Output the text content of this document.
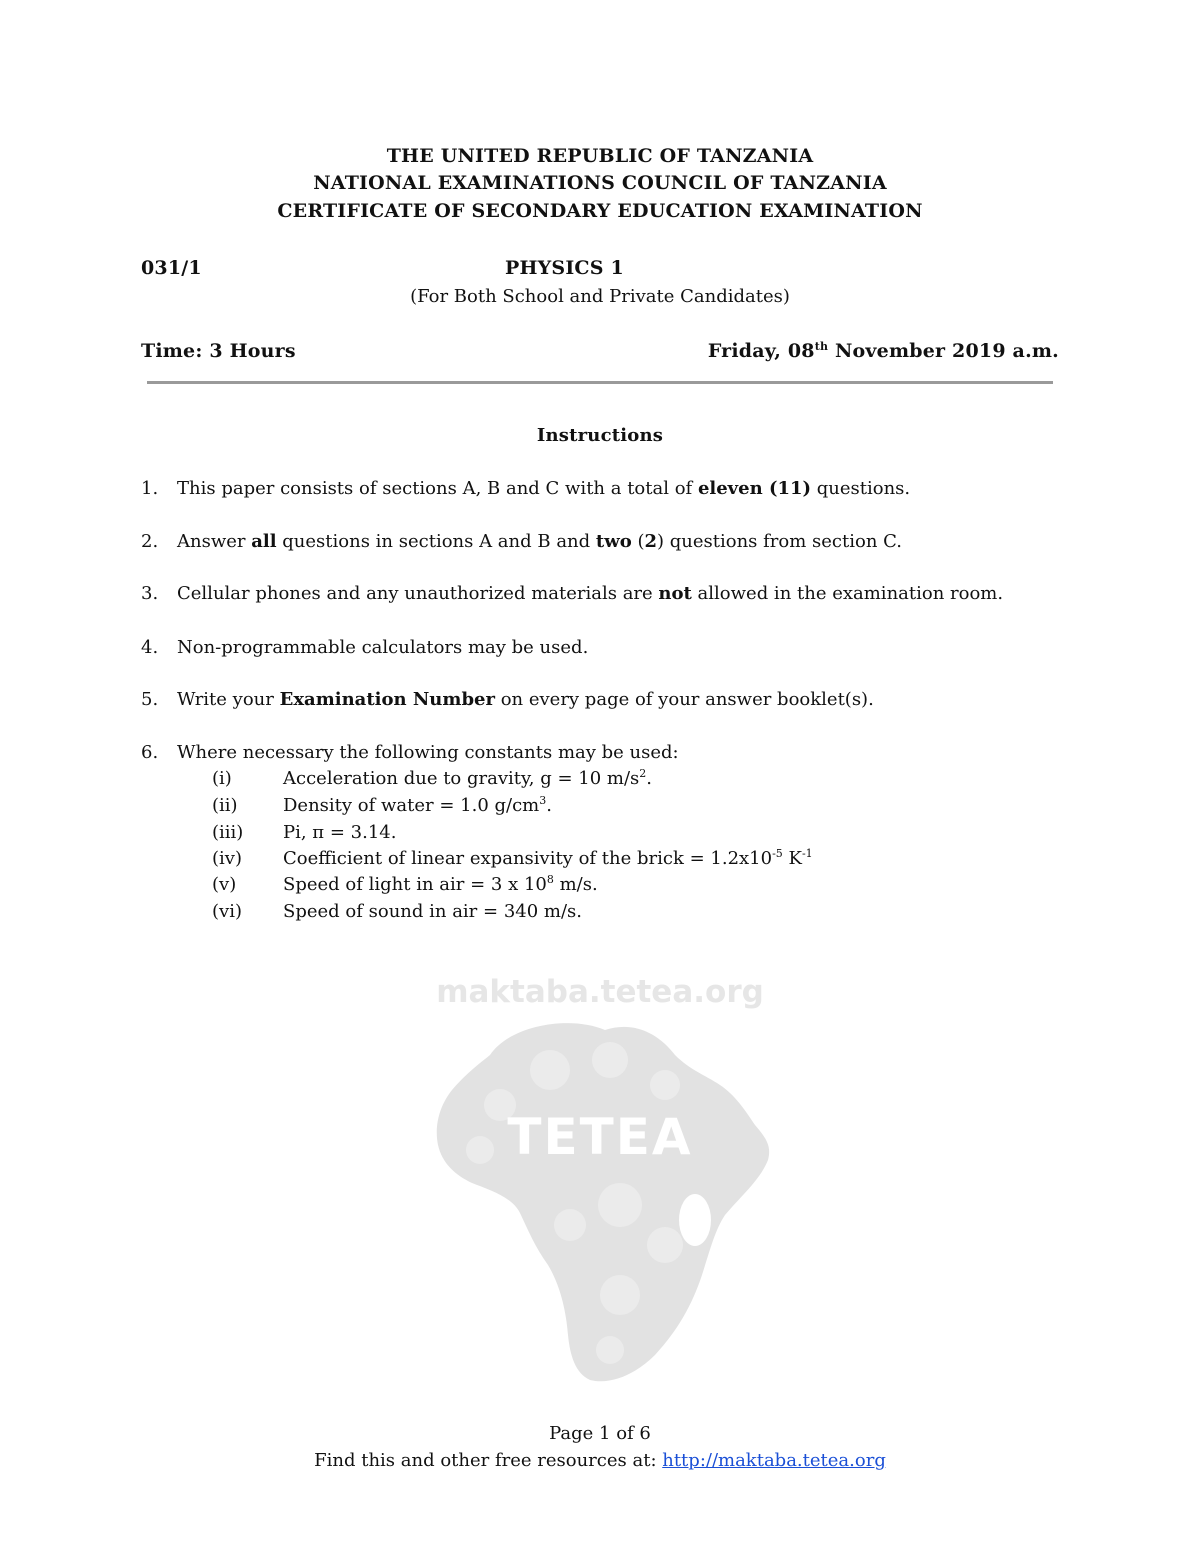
THE UNITED REPUBLIC OF TANZANIA
NATIONAL EXAMINATIONS COUNCIL OF TANZANIA
CERTIFICATE OF SECONDARY EDUCATION EXAMINATION
031/1	PHYSICS 1
(For Both School and Private Candidates)
Time: 3 Hours	Friday, 08th November 2019 a.m.
maktaba.tetea.org
TETEA
Instructions
1. This paper consists of sections A, B and C with a total of eleven (11) questions.
2. Answer all questions in sections A and B and two (2) questions from section C.
3. Cellular phones and any unauthorized materials are not allowed in the examination room.
4. Non-programmable calculators may be used.
5. Write your Examination Number on every page of your answer booklet(s).
6. Where necessary the following constants may be used:
(i)	Acceleration due to gravity, g = 10 $m/s^2$.
(ii)	Density of water = 1.0 $g/cm^3$.
(iii) Pi, π = 3.14.
(iv) Coefficient of linear expansivity of the brick = $1.2x10^{-5}$ $K^{-1}$
(v)	Speed of light in air = 3 x $10^8$ m/s.
(vi) Speed of sound in air = 340 m/s.
Page 1 of 6
Find this and other free resources at: http://maktaba.tetea.org
